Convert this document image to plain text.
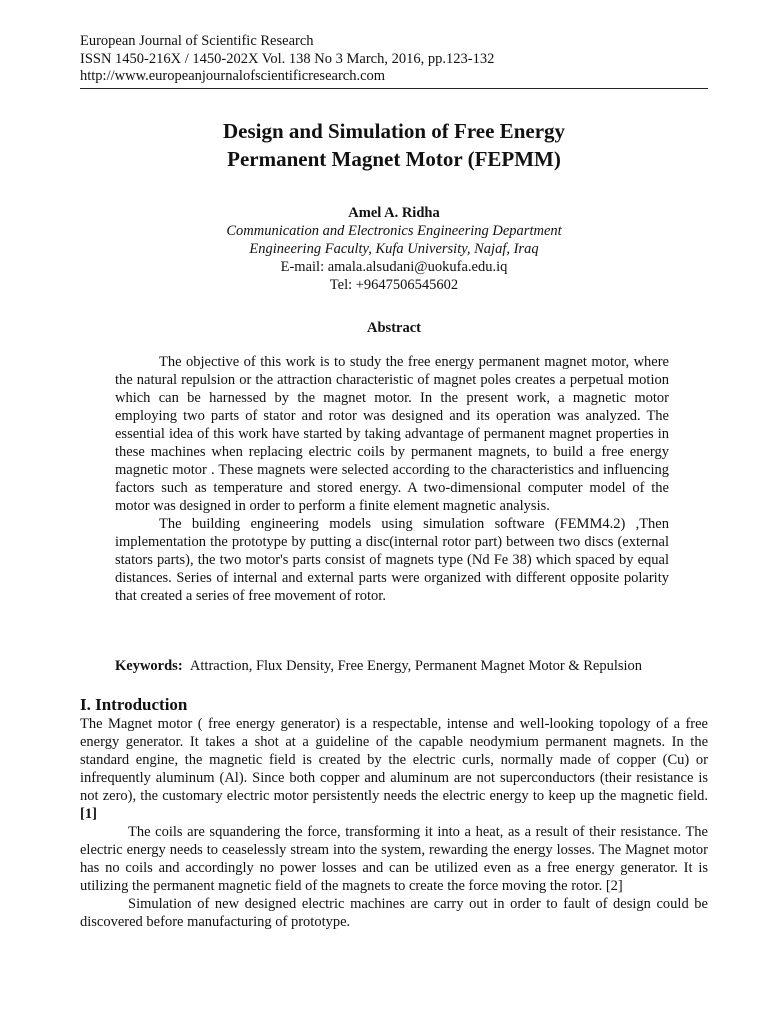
European Journal of Scientific Research
ISSN 1450-216X / 1450-202X Vol. 138 No 3 March, 2016, pp.123-132
http://www.europeanjournalofscientificresearch.com
Design and Simulation of Free Energy
Permanent Magnet Motor (FEPMM)
Amel A. Ridha
Communication and Electronics Engineering Department
Engineering Faculty, Kufa University, Najaf, Iraq
E-mail: amala.alsudani@uokufa.edu.iq
Tel: +9647506545602
Abstract

The objective of this work is to study the free energy permanent magnet motor, where the natural repulsion or the attraction characteristic of magnet poles creates a perpetual motion which can be harnessed by the magnet motor. In the present work, a magnetic motor employing two parts of stator and rotor was designed and its operation was analyzed. The essential idea of this work have started by taking advantage of permanent magnet properties in these machines when replacing electric coils by permanent magnets, to build a free energy magnetic motor . These magnets were selected according to the characteristics and influencing factors such as temperature and stored energy. A two-dimensional computer model of the motor was designed in order to perform a finite element magnetic analysis.

The building engineering models using simulation software (FEMM4.2) ,Then implementation the prototype by putting a disc(internal rotor part) between two discs (external stators parts), the two motor's parts consist of magnets type (Nd Fe 38) which spaced by equal distances. Series of internal and external parts were organized with different opposite polarity that created a series of free movement of rotor.

Keywords: Attraction, Flux Density, Free Energy, Permanent Magnet Motor & Repulsion
I. Introduction

The Magnet motor ( free energy generator) is a respectable, intense and well-looking topology of a free energy generator. It takes a shot at a guideline of the capable neodymium permanent magnets. In the standard engine, the magnetic field is created by the electric curls, normally made of copper (Cu) or infrequently aluminum (Al). Since both copper and aluminum are not superconductors (their resistance is not zero), the customary electric motor persistently needs the electric energy to keep up the magnetic field. [1]

The coils are squandering the force, transforming it into a heat, as a result of their resistance. The electric energy needs to ceaselessly stream into the system, rewarding the energy losses. The Magnet motor has no coils and accordingly no power losses and can be utilized even as a free energy generator. It is utilizing the permanent magnetic field of the magnets to create the force moving the rotor. [2]

Simulation of new designed electric machines are carry out in order to fault of design could be discovered before manufacturing of prototype.
